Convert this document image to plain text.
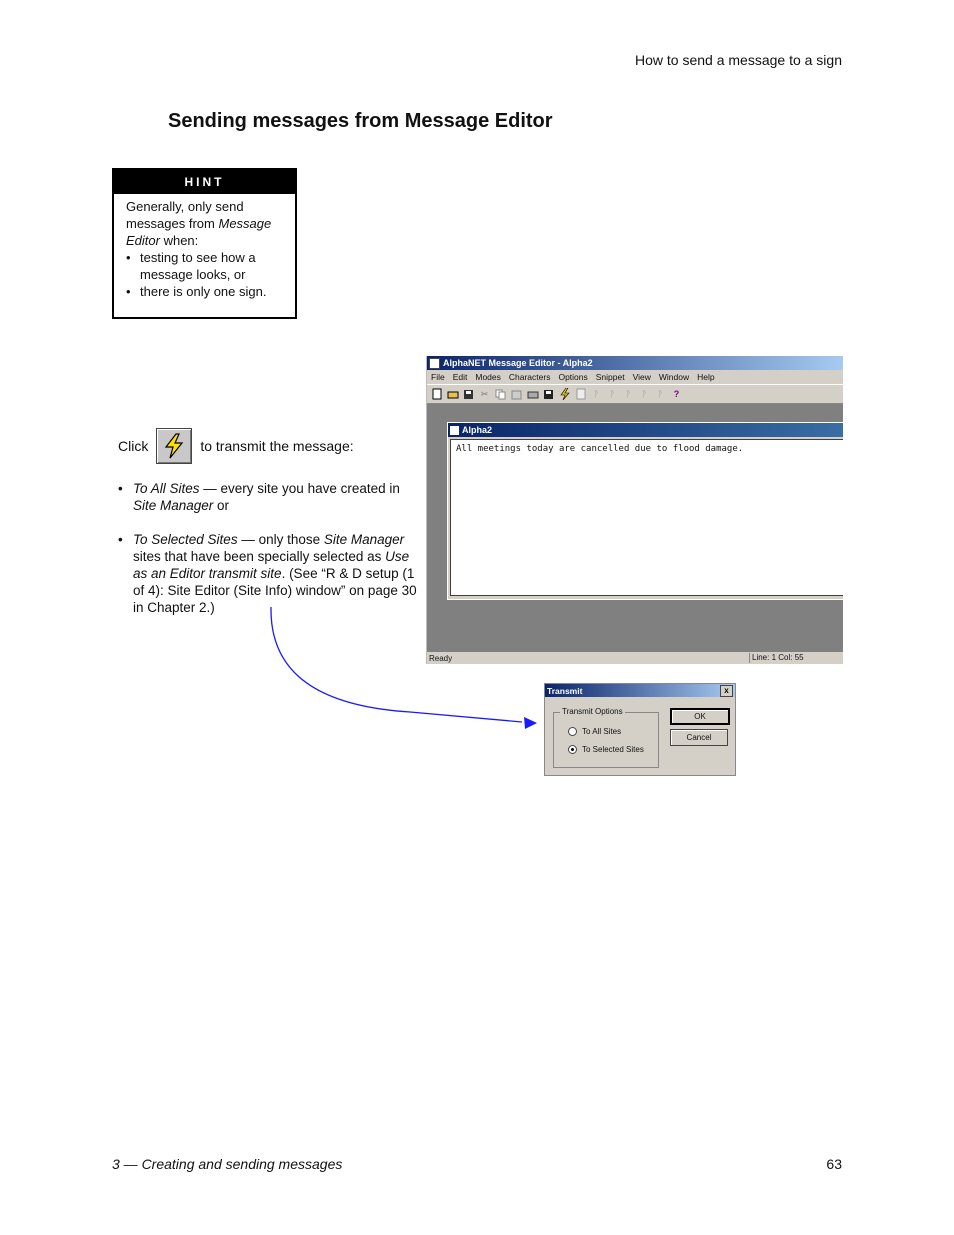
How to send a message to a sign
Sending messages from Message Editor
HINT
Generally, only send messages from Message Editor when:
• testing to see how a message looks, or
• there is only one sign.
Click	to transmit the message:
• To All Sites — every site you have created in Site Manager or
• To Selected Sites — only those Site Manager sites that have been specially selected as Use as an Editor transmit site. (See “R & D setup (1 of 4): Site Editor (Site Info) window” on page 30 in Chapter 2.)
AlphaNET Message Editor - Alpha2
File Edit Modes Characters Options Snippet View Window Help
✂	ᚹ	ᚹ	ᚹ	ᚹ	ᚹ	?
Alpha2
All meetings today are cancelled due to flood damage.
Ready	Line: 1 Col: 55
Transmit	x
Transmit Options
To All Sites
To Selected Sites
OK
Cancel
3 — Creating and sending messages	63
